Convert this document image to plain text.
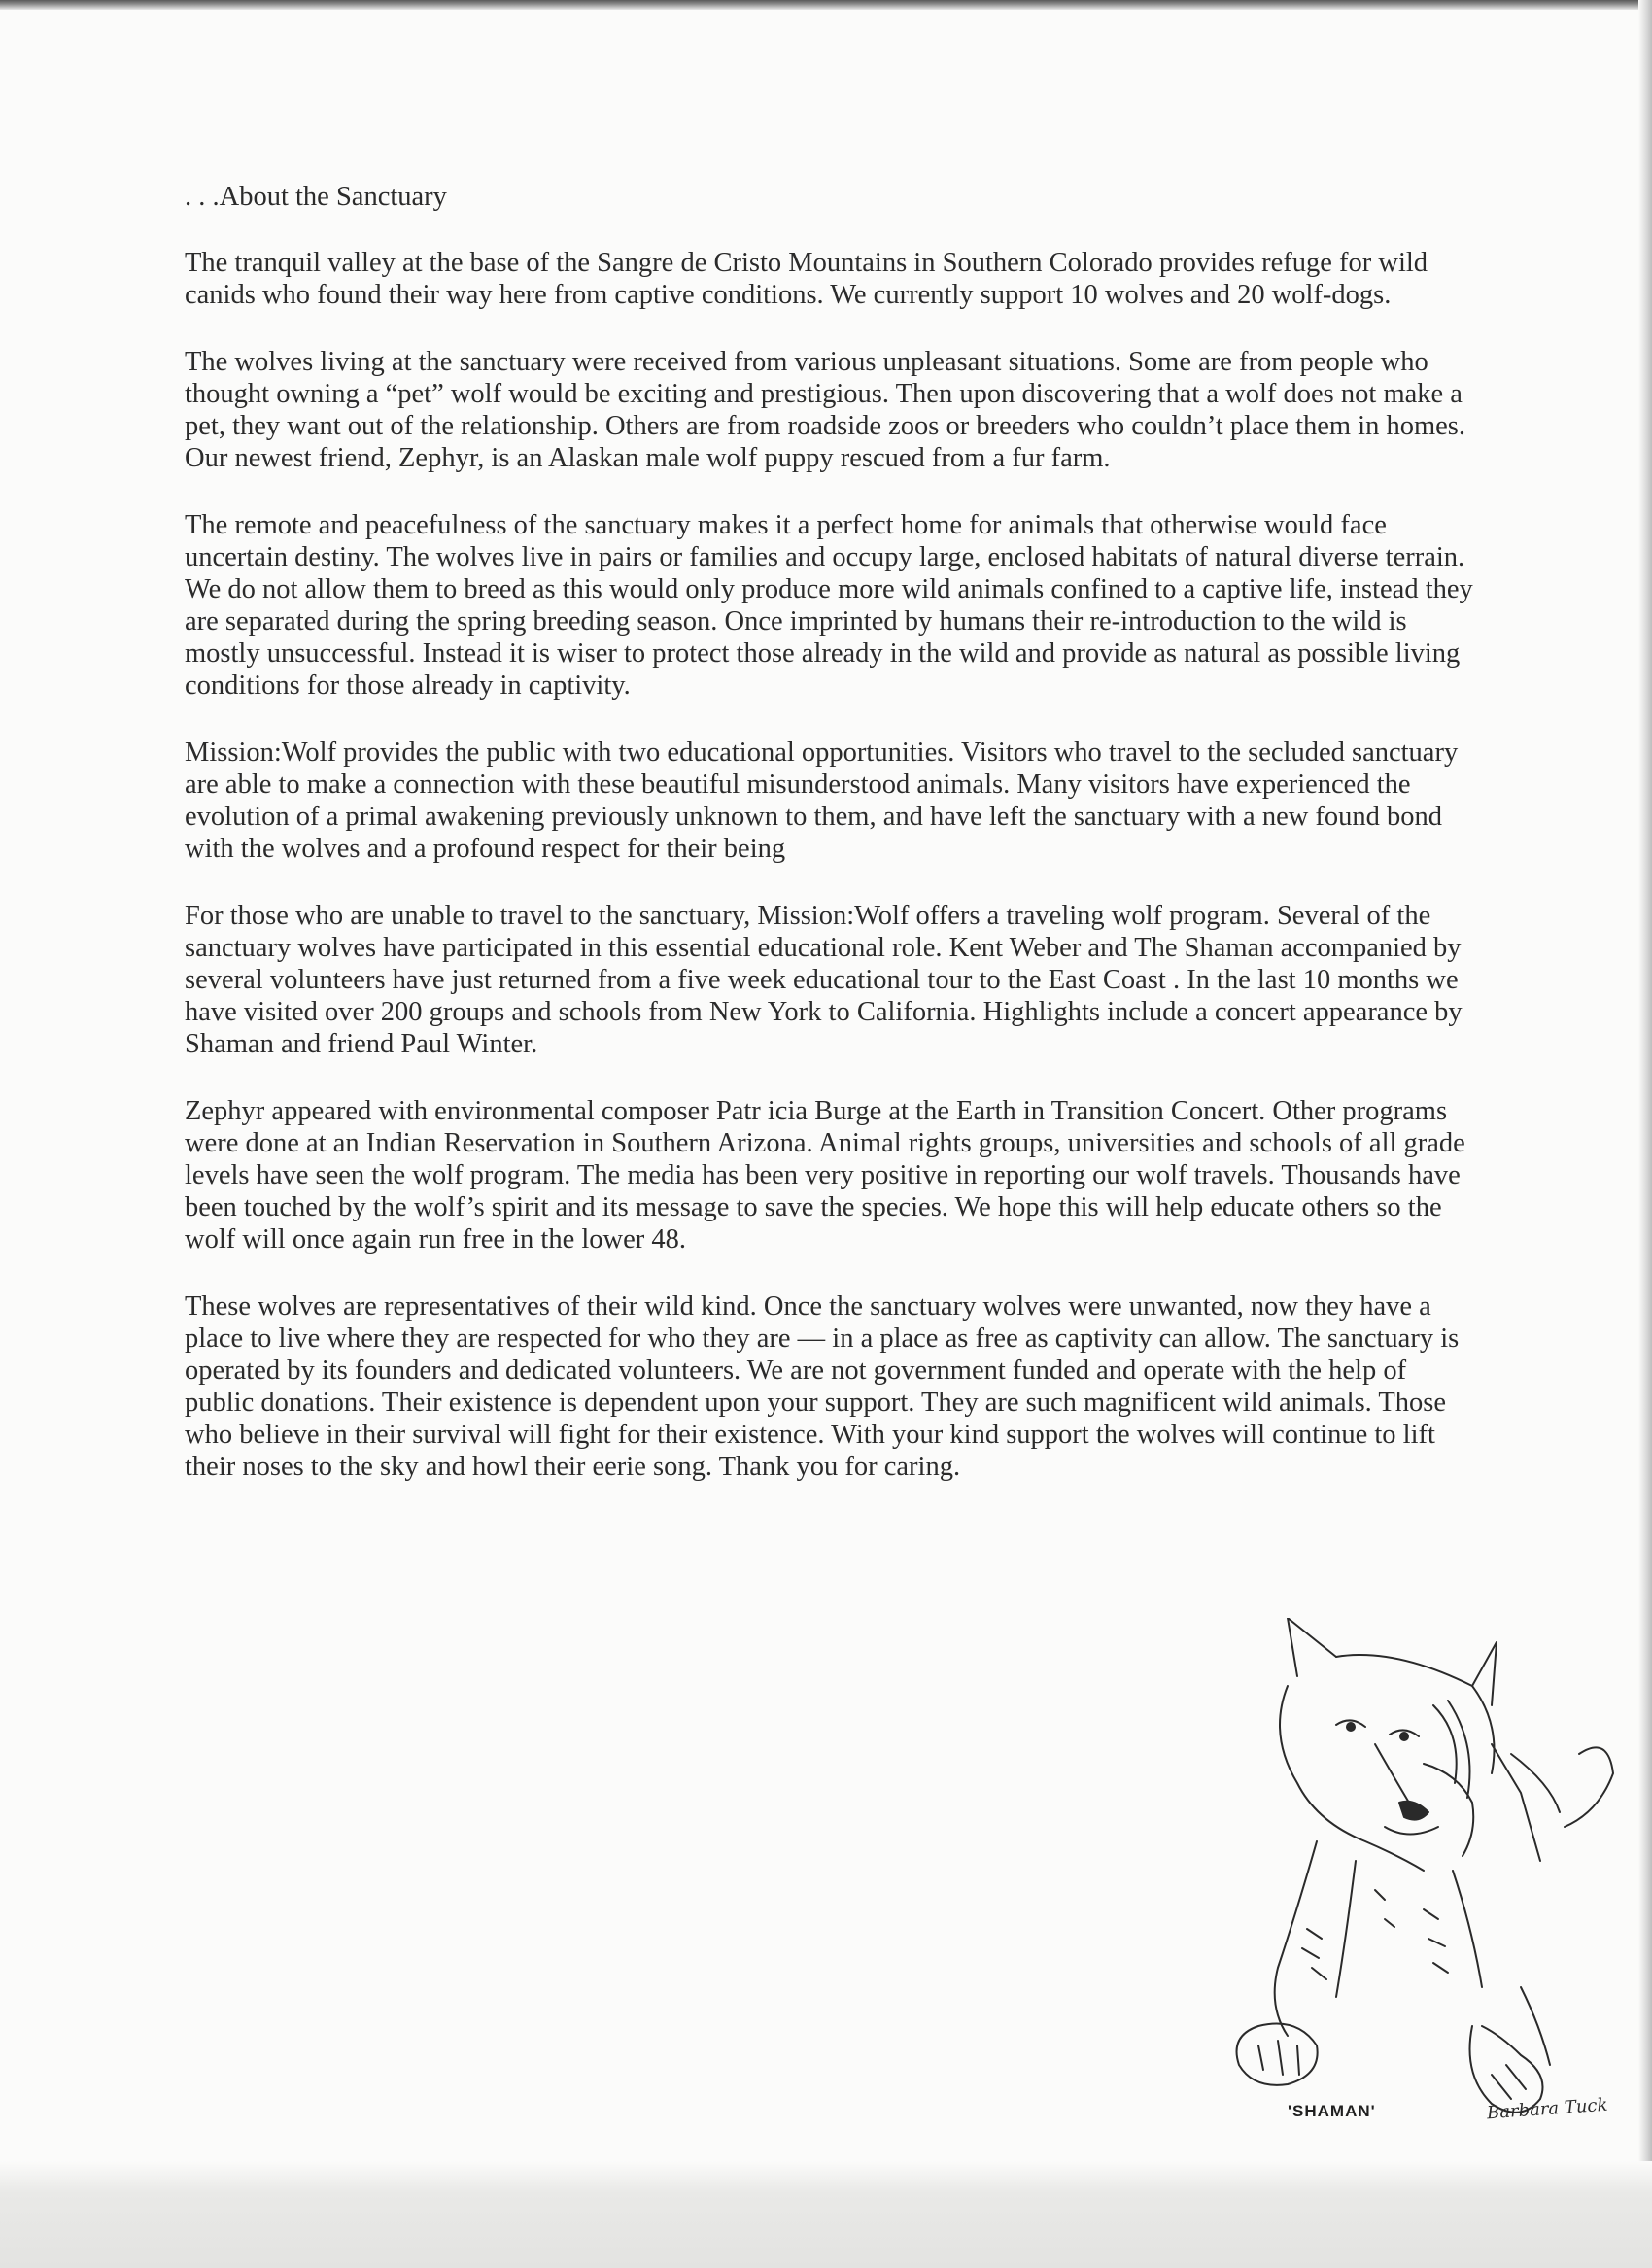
. . .About the Sanctuary

The tranquil valley at the base of the Sangre de Cristo Mountains in Southern Colorado provides refuge for wild canids who found their way here from captive conditions. We currently support 10 wolves and 20 wolf-dogs.

The wolves living at the sanctuary were received from various unpleasant situations. Some are from people who thought owning a “pet” wolf would be exciting and prestigious. Then upon discovering that a wolf does not make a pet, they want out of the relationship. Others are from roadside zoos or breeders who couldn’t place them in homes. Our newest friend, Zephyr, is an Alaskan male wolf puppy rescued from a fur farm.

The remote and peacefulness of the sanctuary makes it a perfect home for animals that otherwise would face uncertain destiny. The wolves live in pairs or families and occupy large, enclosed habitats of natural diverse terrain. We do not allow them to breed as this would only produce more wild animals confined to a captive life, instead they are separated during the spring breeding season. Once imprinted by humans their re-introduction to the wild is mostly unsuccessful. Instead it is wiser to protect those already in the wild and provide as natural as possible living conditions for those already in captivity.

Mission:Wolf provides the public with two educational opportunities. Visitors who travel to the secluded sanctuary are able to make a connection with these beautiful misunderstood animals. Many visitors have experienced the evolution of a primal awakening previously unknown to them, and have left the sanctuary with a new found bond with the wolves and a profound respect for their being

For those who are unable to travel to the sanctuary, Mission:Wolf offers a traveling wolf program. Several of the sanctuary wolves have participated in this essential educational role. Kent Weber and The Shaman accompanied by several volunteers have just returned from a five week educational tour to the East Coast . In the last 10 months we have visited over 200 groups and schools from New York to California. Highlights include a concert appearance by Shaman and friend Paul Winter.

Zephyr appeared with environmental composer Patr icia Burge at the Earth in Transition Concert. Other programs were done at an Indian Reservation in Southern Arizona. Animal rights groups, universities and schools of all grade levels have seen the wolf program. The media has been very positive in reporting our wolf travels. Thousands have been touched by the wolf’s spirit and its message to save the species. We hope this will help educate others so the wolf will once again run free in the lower 48.

These wolves are representatives of their wild kind. Once the sanctuary wolves were unwanted, now they have a place to live where they are respected for who they are — in a place as free as captivity can allow. The sanctuary is operated by its founders and dedicated volunteers. We are not government funded and operate with the help of public donations. Their existence is dependent upon your support. They are such magnificent wild animals. Those who believe in their survival will fight for their existence. With your kind support the wolves will continue to lift their noses to the sky and howl their eerie song. Thank you for caring.

'SHAMAN'	Barbara Tuck
